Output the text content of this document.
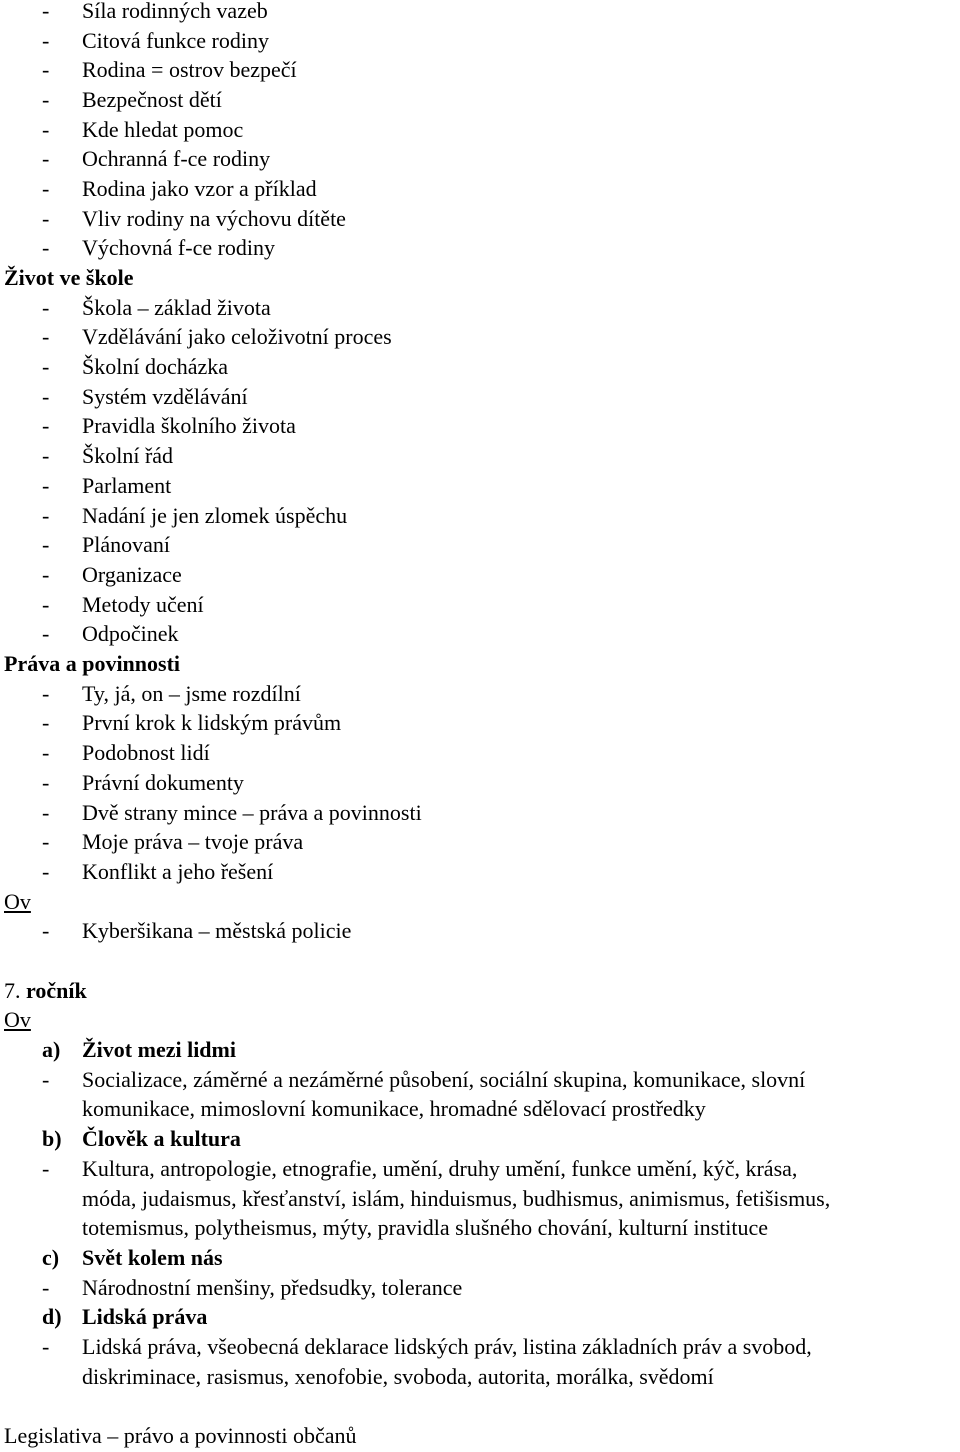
- Síla rodinných vazeb
- Citová funkce rodiny
- Rodina = ostrov bezpečí
- Bezpečnost dětí
- Kde hledat pomoc
- Ochranná f-ce rodiny
- Rodina jako vzor a příklad
- Vliv rodiny na výchovu dítěte
- Výchovná f-ce rodiny
Život ve škole
- Škola – základ života
- Vzdělávání jako celoživotní proces
- Školní docházka
- Systém vzdělávání
- Pravidla školního života
- Školní řád
- Parlament
- Nadání je jen zlomek úspěchu
- Plánovaní
- Organizace
- Metody učení
- Odpočinek
Práva a povinnosti
- Ty, já, on – jsme rozdílní
- První krok k lidským právům
- Podobnost lidí
- Právní dokumenty
- Dvě strany mince – práva a povinnosti
- Moje práva – tvoje práva
- Konflikt a jeho řešení
Ov
- Kyberšikana – městská policie
7. ročník
Ov
a) Život mezi lidmi
- Socializace, záměrné a nezáměrné působení, sociální skupina, komunikace, slovní
komunikace, mimoslovní komunikace, hromadné sdělovací prostředky
b) Člověk a kultura
- Kultura, antropologie, etnografie, umění, druhy umění, funkce umění, kýč, krása,
móda, judaismus, křesťanství, islám, hinduismus, budhismus, animismus, fetišismus,
totemismus, polytheismus, mýty, pravidla slušného chování, kulturní instituce
c) Svět kolem nás
- Národnostní menšiny, předsudky, tolerance
d) Lidská práva
- Lidská práva, všeobecná deklarace lidských práv, listina základních práv a svobod,
diskriminace, rasismus, xenofobie, svoboda, autorita, morálka, svědomí
Legislativa – právo a povinnosti občanů
